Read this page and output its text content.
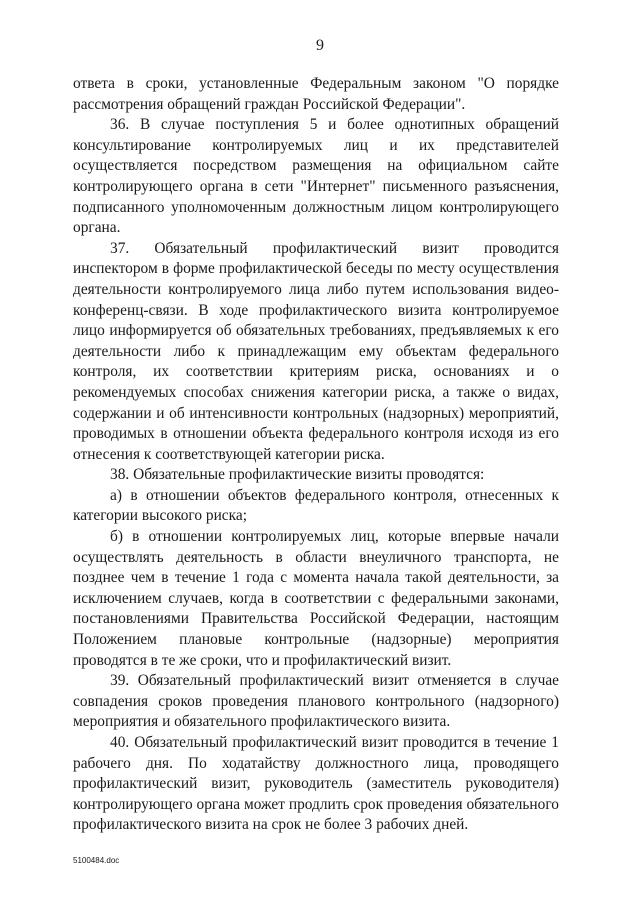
9

ответа в сроки, установленные Федеральным законом "О порядке рассмотрения обращений граждан Российской Федерации".

36. В случае поступления 5 и более однотипных обращений консультирование контролируемых лиц и их представителей осуществляется посредством размещения на официальном сайте контролирующего органа в сети "Интернет" письменного разъяснения, подписанного уполномоченным должностным лицом контролирующего органа.

37. Обязательный профилактический визит проводится инспектором в форме профилактической беседы по месту осуществления деятельности контролируемого лица либо путем использования видео-конференц-связи. В ходе профилактического визита контролируемое лицо информируется об обязательных требованиях, предъявляемых к его деятельности либо к принадлежащим ему объектам федерального контроля, их соответствии критериям риска, основаниях и о рекомендуемых способах снижения категории риска, а также о видах, содержании и об интенсивности контрольных (надзорных) мероприятий, проводимых в отношении объекта федерального контроля исходя из его отнесения к соответствующей категории риска.

38. Обязательные профилактические визиты проводятся:

а) в отношении объектов федерального контроля, отнесенных к категории высокого риска;

б) в отношении контролируемых лиц, которые впервые начали осуществлять деятельность в области внеуличного транспорта, не позднее чем в течение 1 года с момента начала такой деятельности, за исключением случаев, когда в соответствии с федеральными законами, постановлениями Правительства Российской Федерации, настоящим Положением плановые контрольные (надзорные) мероприятия проводятся в те же сроки, что и профилактический визит.

39. Обязательный профилактический визит отменяется в случае совпадения сроков проведения планового контрольного (надзорного) мероприятия и обязательного профилактического визита.

40. Обязательный профилактический визит проводится в течение 1 рабочего дня. По ходатайству должностного лица, проводящего профилактический визит, руководитель (заместитель руководителя) контролирующего органа может продлить срок проведения обязательного профилактического визита на срок не более 3 рабочих дней.

5100484.doc
